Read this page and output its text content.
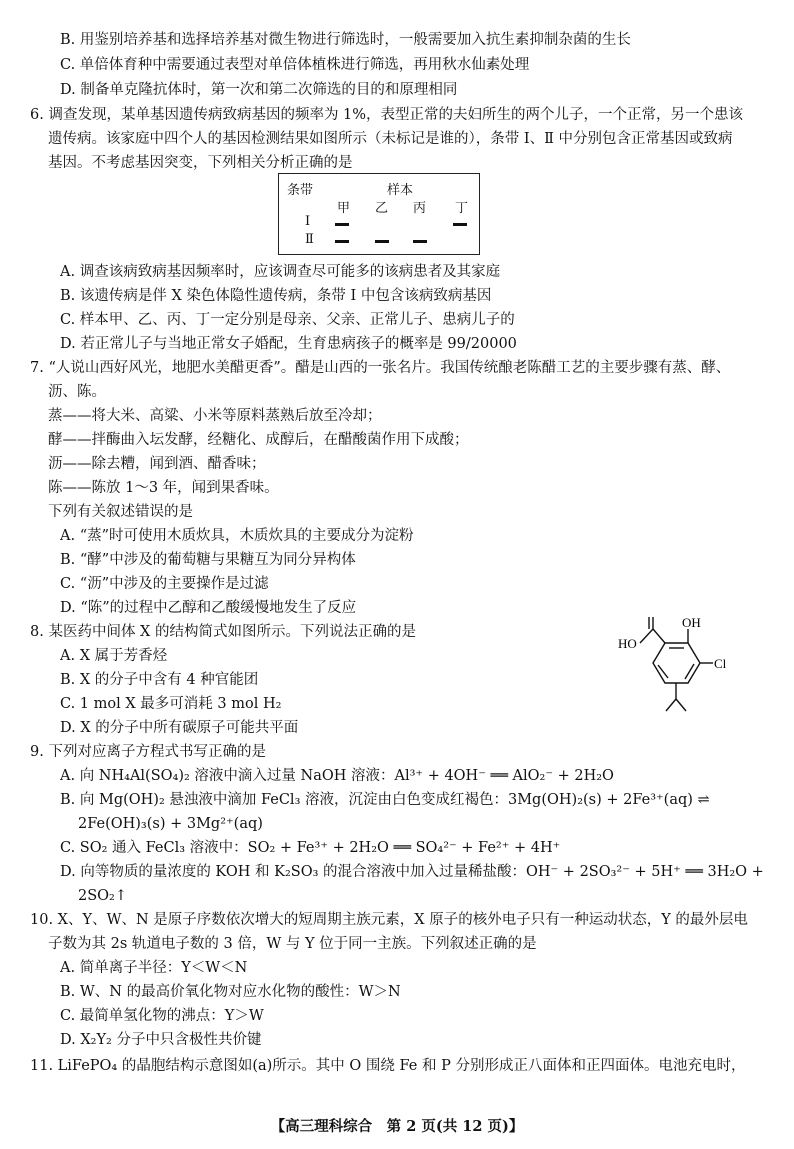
B. 用鉴别培养基和选择培养基对微生物进行筛选时，一般需要加入抗生素抑制杂菌的生长
C. 单倍体育种中需要通过表型对单倍体植株进行筛选，再用秋水仙素处理
D. 制备单克隆抗体时，第一次和第二次筛选的目的和原理相同
6. 调查发现，某单基因遗传病致病基因的频率为 1%，表型正常的夫妇所生的两个儿子，一个正常，另一个患该
遗传病。该家庭中四个人的基因检测结果如图所示（未标记是谁的），条带 Ⅰ、Ⅱ 中分别包含正常基因或致病
基因。不考虑基因突变，下列相关分析正确的是
条带	样本
甲 乙 丙 丁
Ⅰ
Ⅱ
A. 调查该病致病基因频率时，应该调查尽可能多的该病患者及其家庭
B. 该遗传病是伴 X 染色体隐性遗传病，条带 Ⅰ 中包含该病致病基因
C. 样本甲、乙、丙、丁一定分别是母亲、父亲、正常儿子、患病儿子的
D. 若正常儿子与当地正常女子婚配，生育患病孩子的概率是 99/20000
7. “人说山西好风光，地肥水美醋更香”。醋是山西的一张名片。我国传统酿老陈醋工艺的主要步骤有蒸、酵、
沥、陈。
蒸——将大米、高粱、小米等原料蒸熟后放至冷却；
酵——拌酶曲入坛发酵，经糖化、成醇后，在醋酸菌作用下成酸；
沥——除去糟，闻到酒、醋香味；
陈——陈放 1～3 年，闻到果香味。
下列有关叙述错误的是
A. “蒸”时可使用木质炊具，木质炊具的主要成分为淀粉
B. “酵”中涉及的葡萄糖与果糖互为同分异构体
C. “沥”中涉及的主要操作是过滤
D. “陈”的过程中乙醇和乙酸缓慢地发生了反应
8. 某医药中间体 X 的结构简式如图所示。下列说法正确的是
A. X 属于芳香烃
B. X 的分子中含有 4 种官能团
C. 1 mol X 最多可消耗 3 mol H₂
D. X 的分子中所有碳原子可能共平面
OH
Cl
HO
9. 下列对应离子方程式书写正确的是
A. 向 NH₄Al(SO₄)₂ 溶液中滴入过量 NaOH 溶液：Al³⁺ + 4OH⁻ ══ AlO₂⁻ + 2H₂O
B. 向 Mg(OH)₂ 悬浊液中滴加 FeCl₃ 溶液，沉淀由白色变成红褐色：3Mg(OH)₂(s) + 2Fe³⁺(aq) ⇌
2Fe(OH)₃(s) + 3Mg²⁺(aq)
C. SO₂ 通入 FeCl₃ 溶液中：SO₂ + Fe³⁺ + 2H₂O ══ SO₄²⁻ + Fe²⁺ + 4H⁺
D. 向等物质的量浓度的 KOH 和 K₂SO₃ 的混合溶液中加入过量稀盐酸：OH⁻ + 2SO₃²⁻ + 5H⁺ ══ 3H₂O +
2SO₂↑
10. X、Y、W、N 是原子序数依次增大的短周期主族元素，X 原子的核外电子只有一种运动状态，Y 的最外层电
子数为其 2s 轨道电子数的 3 倍，W 与 Y 位于同一主族。下列叙述正确的是
A. 简单离子半径：Y＜W＜N
B. W、N 的最高价氧化物对应水化物的酸性：W＞N
C. 最简单氢化物的沸点：Y＞W
D. X₂Y₂ 分子中只含极性共价键
11. LiFePO₄ 的晶胞结构示意图如(a)所示。其中 O 围绕 Fe 和 P 分别形成正八面体和正四面体。电池充电时，
【高三理科综合　第 2 页(共 12 页)】
